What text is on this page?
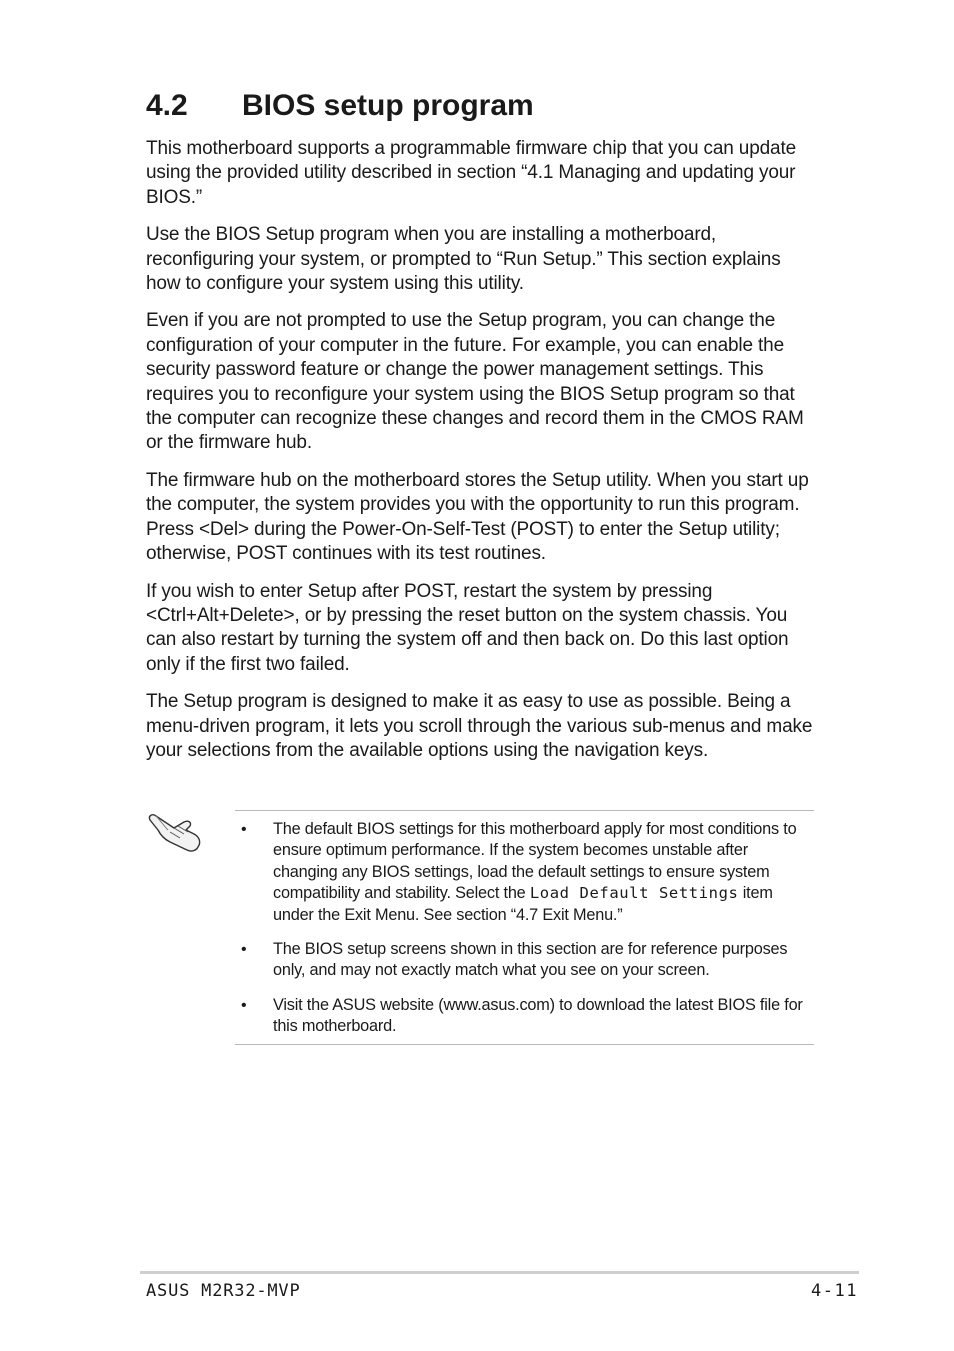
4.2 BIOS setup program

This motherboard supports a programmable firmware chip that you can update using the provided utility described in section “4.1 Managing and updating your BIOS.”

Use the BIOS Setup program when you are installing a motherboard, reconfiguring your system, or prompted to “Run Setup.” This section explains how to configure your system using this utility.

Even if you are not prompted to use the Setup program, you can change the configuration of your computer in the future. For example, you can enable the security password feature or change the power management settings. This requires you to reconfigure your system using the BIOS Setup program so that the computer can recognize these changes and record them in the CMOS RAM or the firmware hub.

The firmware hub on the motherboard stores the Setup utility. When you start up the computer, the system provides you with the opportunity to run this program. Press <Del> during the Power-On-Self-Test (POST) to enter the Setup utility; otherwise, POST continues with its test routines.

If you wish to enter Setup after POST, restart the system by pressing <Ctrl+Alt+Delete>, or by pressing the reset button on the system chassis. You can also restart by turning the system off and then back on. Do this last option only if the first two failed.

The Setup program is designed to make it as easy to use as possible. Being a menu-driven program, it lets you scroll through the various sub-menus and make your selections from the available options using the navigation keys.

• The default BIOS settings for this motherboard apply for most conditions to ensure optimum performance. If the system becomes unstable after changing any BIOS settings, load the default settings to ensure system compatibility and stability. Select the Load Default Settings item under the Exit Menu. See section “4.7 Exit Menu.”
• The BIOS setup screens shown in this section are for reference purposes only, and may not exactly match what you see on your screen.
• Visit the ASUS website (www.asus.com) to download the latest BIOS file for this motherboard.
ASUS M2R32-MVP	4-11
